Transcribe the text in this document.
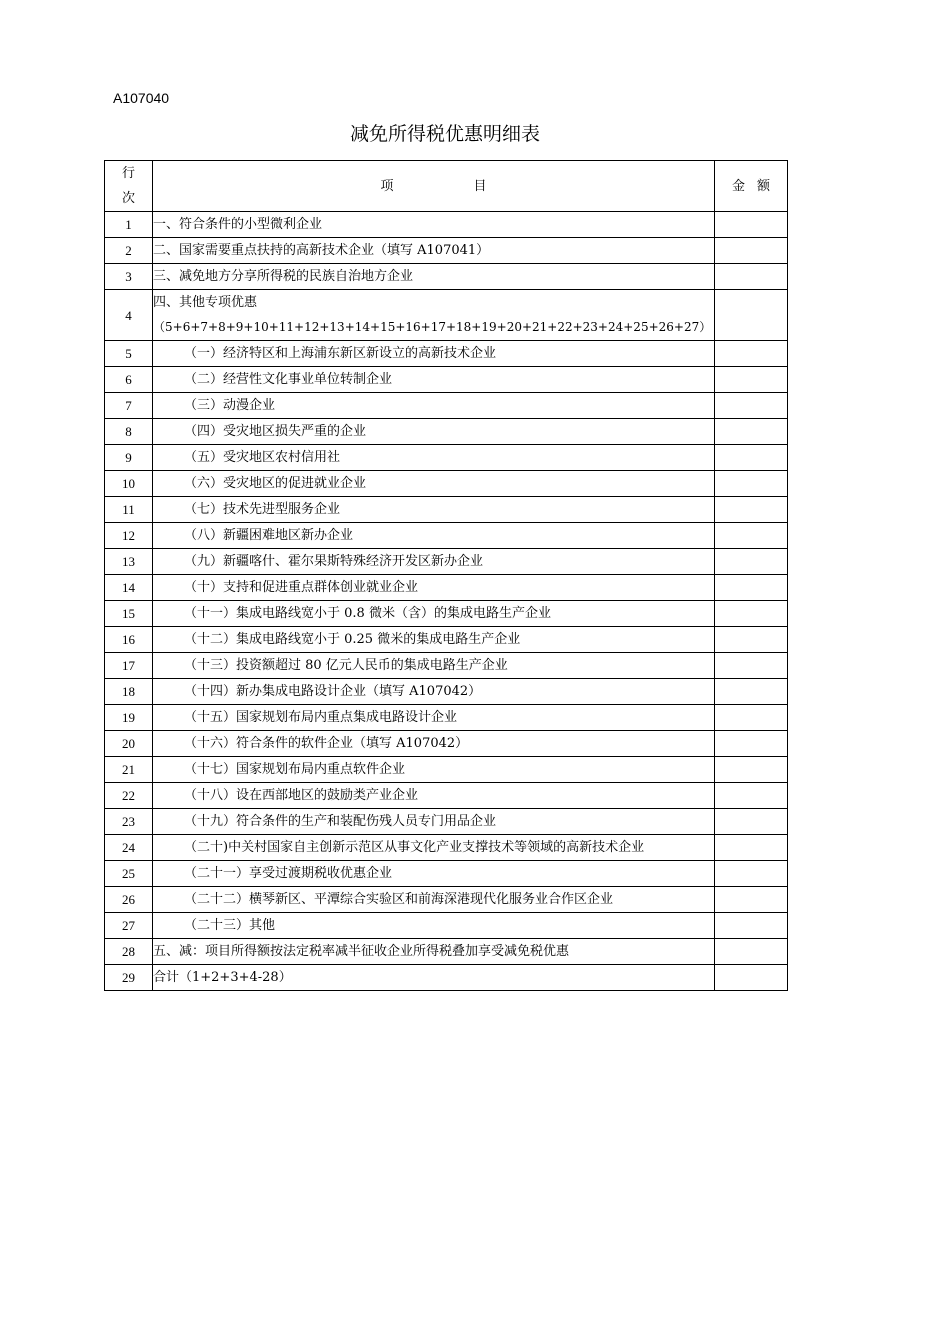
A107040
减免所得税优惠明细表
行
次	项 目	金 额
1	一、符合条件的小型微利企业	
2	二、国家需要重点扶持的高新技术企业（填写 A107041）	
3	三、减免地方分享所得税的民族自治地方企业	
4	四、其他专项优惠
（5+6+7+8+9+10+11+12+13+14+15+16+17+18+19+20+21+22+23+24+25+26+27）	

5	（一）经济特区和上海浦东新区新设立的高新技术企业	
6	（二）经营性文化事业单位转制企业	
7	（三）动漫企业	
8	（四）受灾地区损失严重的企业	
9	（五）受灾地区农村信用社	
10	（六）受灾地区的促进就业企业	
11	（七）技术先进型服务企业	
12	（八）新疆困难地区新办企业	
13	（九）新疆喀什、霍尔果斯特殊经济开发区新办企业	
14	（十）支持和促进重点群体创业就业企业	
15	（十一）集成电路线宽小于 0.8 微米（含）的集成电路生产企业	
16	（十二）集成电路线宽小于 0.25 微米的集成电路生产企业	
17	（十三）投资额超过 80 亿元人民币的集成电路生产企业	
18	（十四）新办集成电路设计企业（填写 A107042）	
19	（十五）国家规划布局内重点集成电路设计企业	
20	（十六）符合条件的软件企业（填写 A107042）	
21	（十七）国家规划布局内重点软件企业	
22	（十八）设在西部地区的鼓励类产业企业	
23	（十九）符合条件的生产和装配伤残人员专门用品企业	
24	（二十)中关村国家自主创新示范区从事文化产业支撑技术等领域的高新技术企业	
25	（二十一）享受过渡期税收优惠企业	
26	（二十二）横琴新区、平潭综合实验区和前海深港现代化服务业合作区企业	
27	（二十三）其他	
28	五、减：项目所得额按法定税率减半征收企业所得税叠加享受减免税优惠	
29	合计（1+2+3+4-28）	
